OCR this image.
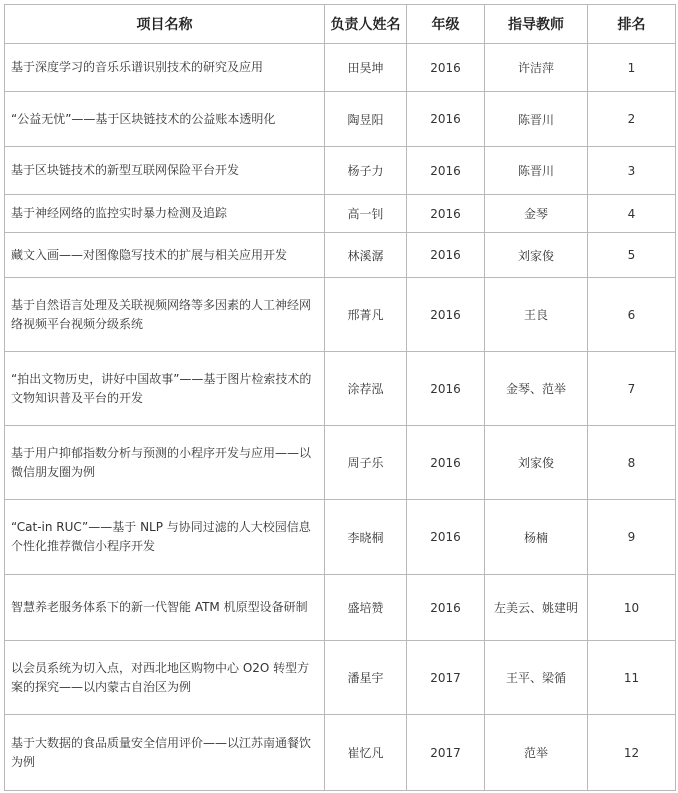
项目名称	负责人姓名	年级	指导教师	排名
基于深度学习的音乐乐谱识别技术的研究及应用	田昊坤	2016	许洁萍	1
“公益无忧”——基于区块链技术的公益账本透明化	陶昱阳	2016	陈晋川	2
基于区块链技术的新型互联网保险平台开发	杨子力	2016	陈晋川	3
基于神经网络的监控实时暴力检测及追踪	高一钊	2016	金琴	4
藏文入画——对图像隐写技术的扩展与相关应用开发	林溪潺	2016	刘家俊	5
基于自然语言处理及关联视频网络等多因素的人工神经网络视频平台视频分级系统	邢菁凡	2016	王良	6
“拍出文物历史，讲好中国故事”——基于图片检索技术的文物知识普及平台的开发	涂荐泓	2016	金琴、范举	7
基于用户抑郁指数分析与预测的小程序开发与应用——以微信朋友圈为例	周子乐	2016	刘家俊	8
“Cat-in RUC”——基于 NLP 与协同过滤的人大校园信息个性化推荐微信小程序开发	李晓桐	2016	杨楠	9
智慧养老服务体系下的新一代智能 ATM 机原型设备研制	盛培赞	2016	左美云、姚建明	10
以会员系统为切入点，对西北地区购物中心 O2O 转型方案的探究——以内蒙古自治区为例	潘星宇	2017	王平、梁循	11
基于大数据的食品质量安全信用评价——以江苏南通餐饮为例	崔忆凡	2017	范举	12
